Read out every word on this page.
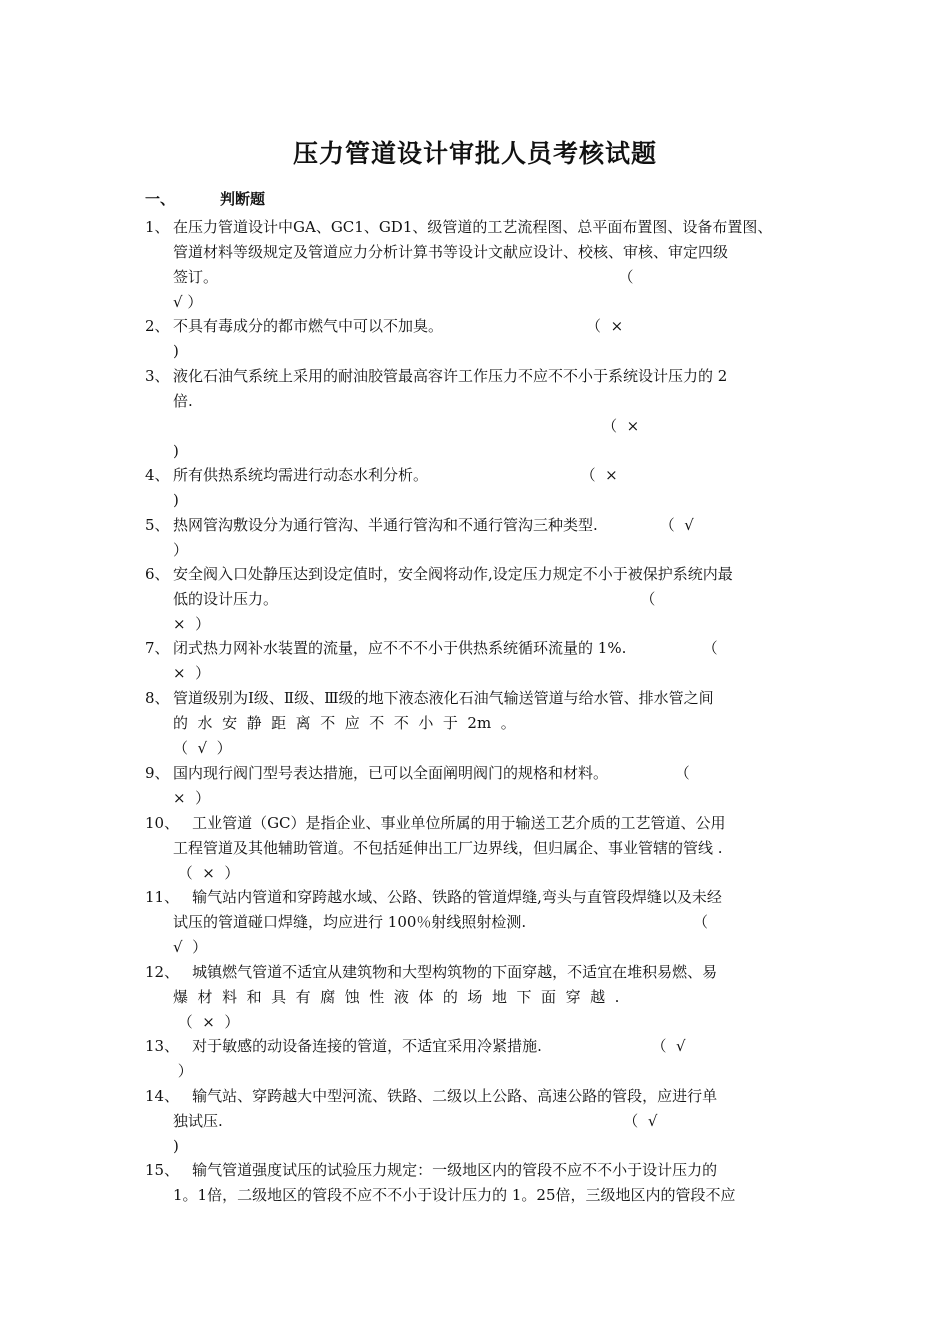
压力管道设计审批人员考核试题
一、	判断题
1、 在压力管道设计中GA、GC1、GD1、级管道的工艺流程图、总平面布置图、设备布置图、
管道材料等级规定及管道应力分析计算书等设计文献应设计、校核、审核、审定四级
签订。                                                                                    （
√ ）
2、 不具有毒成分的都市燃气中可以不加臭。                              （  ×
)
3、 液化石油气系统上采用的耐油胶管最高容许工作压力不应不不小于系统设计压力的 2
倍.
（  ×
)
4、 所有供热系统均需进行动态水利分析。                                （  ×
)
5、 热网管沟敷设分为通行管沟、半通行管沟和不通行管沟三种类型.             （  √
）
6、 安全阀入口处静压达到设定值时，安全阀将动作,设定压力规定不小于被保护系统内最
低的设计压力。                                                                            （
×  ）
7、 闭式热力网补水装置的流量，应不不不小于供热系统循环流量的 1%.                （
×  ）
8、 管道级别为Ⅰ级、Ⅱ级、Ⅲ级的地下液态液化石油气输送管道与给水管、排水管之间
的  水  安  静  距  离  不  应  不  不  小  于  2m  。
（  √  ）
9、 国内现行阀门型号表达措施，已可以全面阐明阀门的规格和材料。              （
×  ）
10、
工业管道（GC）是指企业、事业单位所属的用于输送工艺介质的工艺管道、公用
工程管道及其他辅助管道。不包括延伸出工厂边界线，但归属企、事业管辖的管线 .
（  ×  ）
11、
输气站内管道和穿跨越水域、公路、铁路的管道焊缝,弯头与直管段焊缝以及未经
试压的管道碰口焊缝，均应进行 100％射线照射检测.                                   （
√  ）
12、
城镇燃气管道不适宜从建筑物和大型构筑物的下面穿越，不适宜在堆积易燃、易
爆  材  料  和  具  有  腐  蚀  性  液  体  的  场  地  下  面  穿  越  .
（  ×  ）
13、
对于敏感的动设备连接的管道，不适宜采用冷紧措施.                       （  √
）
14、
输气站、穿跨越大中型河流、铁路、二级以上公路、高速公路的管段，应进行单
独试压.                                                                                    （  √
)
15、
输气管道强度试压的试验压力规定：一级地区内的管段不应不不小于设计压力的
1。1倍，二级地区的管段不应不不小于设计压力的 1。25倍，三级地区内的管段不应
